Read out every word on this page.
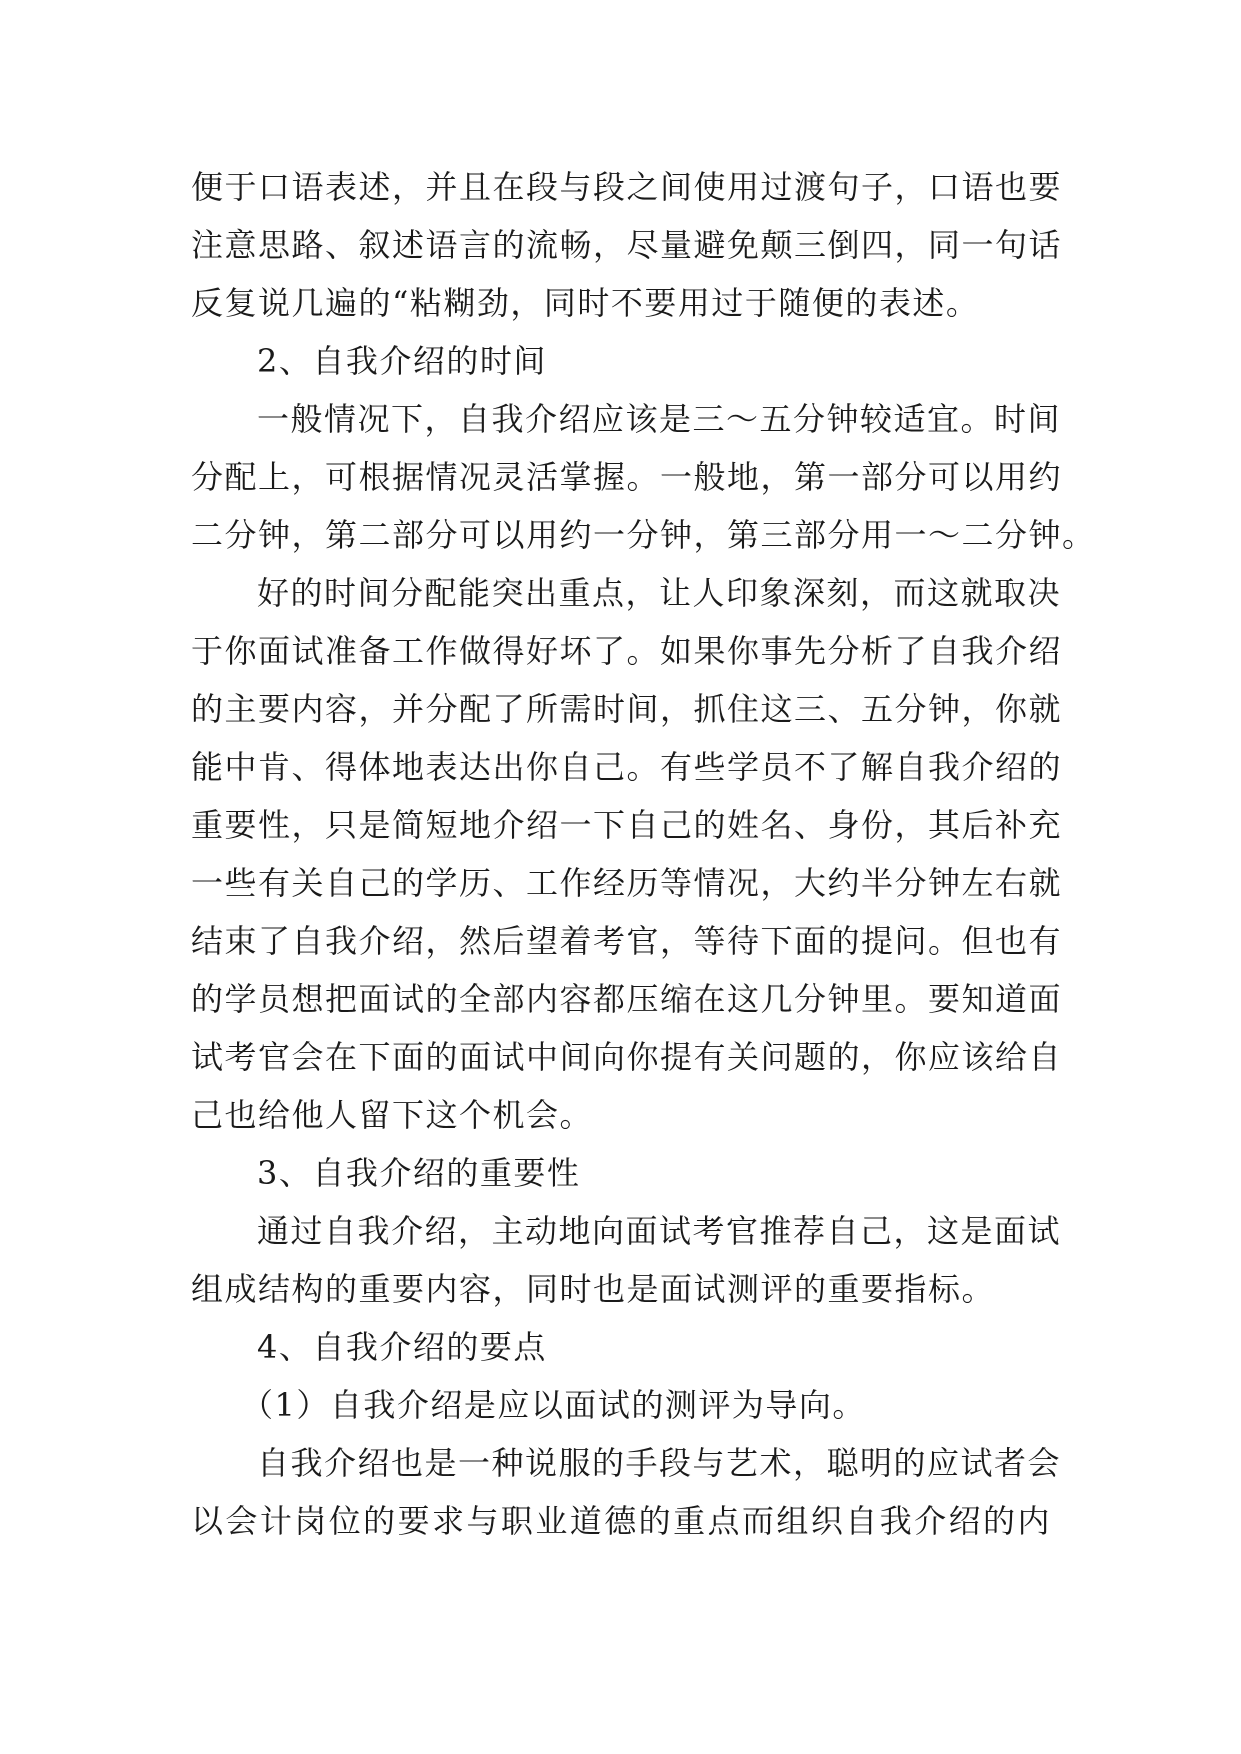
便于口语表述，并且在段与段之间使用过渡句子，口语也要
注意思路、叙述语言的流畅，尽量避免颠三倒四，同一句话
反复说几遍的“粘糊劲，同时不要用过于随便的表述。
2、自我介绍的时间
一般情况下，自我介绍应该是三～五分钟较适宜。时间
分配上，可根据情况灵活掌握。一般地，第一部分可以用约
二分钟，第二部分可以用约一分钟，第三部分用一～二分钟。
好的时间分配能突出重点，让人印象深刻，而这就取决
于你面试准备工作做得好坏了。如果你事先分析了自我介绍
的主要内容，并分配了所需时间，抓住这三、五分钟，你就
能中肯、得体地表达出你自己。有些学员不了解自我介绍的
重要性，只是简短地介绍一下自己的姓名、身份，其后补充
一些有关自己的学历、工作经历等情况，大约半分钟左右就
结束了自我介绍，然后望着考官，等待下面的提问。但也有
的学员想把面试的全部内容都压缩在这几分钟里。要知道面
试考官会在下面的面试中间向你提有关问题的，你应该给自
己也给他人留下这个机会。
3、自我介绍的重要性
通过自我介绍，主动地向面试考官推荐自己，这是面试
组成结构的重要内容，同时也是面试测评的重要指标。
4、自我介绍的要点
（1）自我介绍是应以面试的测评为导向。
自我介绍也是一种说服的手段与艺术，聪明的应试者会
以会计岗位的要求与职业道德的重点而组织自我介绍的内
